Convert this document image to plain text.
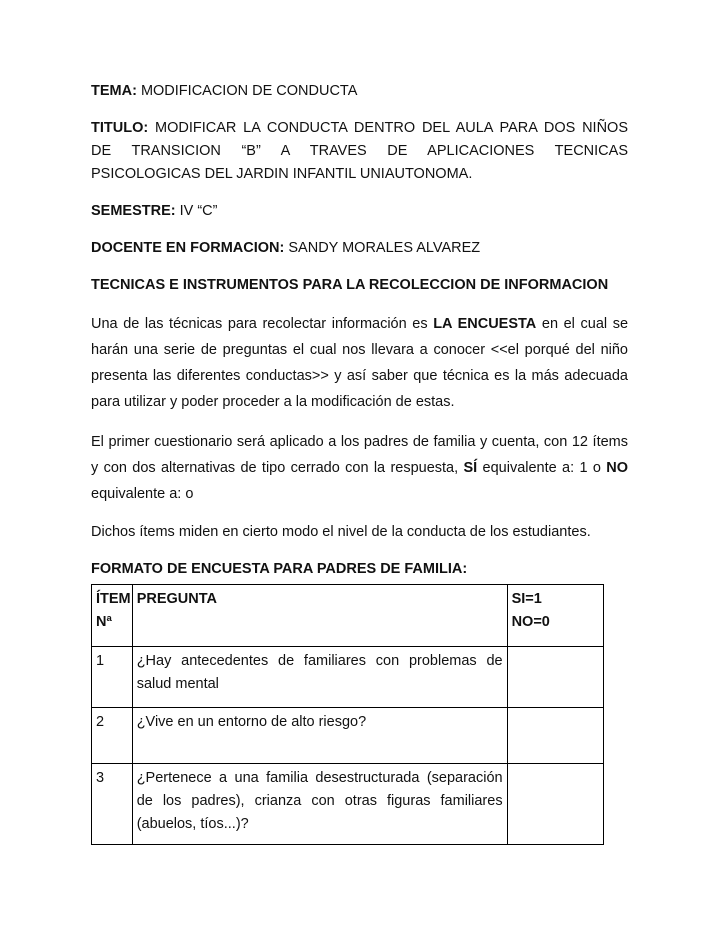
TEMA: MODIFICACION DE CONDUCTA

TITULO: MODIFICAR LA CONDUCTA DENTRO DEL AULA PARA DOS NIÑOS

DE TRANSICION “B” A TRAVES DE APLICACIONES TECNICAS

PSICOLOGICAS DEL JARDIN INFANTIL UNIAUTONOMA.

SEMESTRE: IV “C”

DOCENTE EN FORMACION: SANDY MORALES ALVAREZ

TECNICAS E INSTRUMENTOS PARA LA RECOLECCION DE INFORMACION

Una de las técnicas para recolectar información es LA ENCUESTA en el cual se harán una serie de preguntas el cual nos llevara a conocer <<el porqué del niño presenta las diferentes conductas>> y así saber que técnica es la más adecuada para utilizar y poder proceder a la modificación de estas.

El primer cuestionario será aplicado a los padres de familia y cuenta, con 12 ítems y con dos alternativas de tipo cerrado con la respuesta, SÍ equivalente a: 1 o NO equivalente a: o

Dichos ítems miden en cierto modo el nivel de la conducta de los estudiantes.

FORMATO DE ENCUESTA PARA PADRES DE FAMILIA:

ÍTEM
Nª	PREGUNTA	SI=1
NO=0
1	¿Hay antecedentes de familiares con problemas de salud mental	
2	¿Vive en un entorno de alto riesgo?	
3	¿Pertenece a una familia desestructurada (separación de los padres), crianza con otras figuras familiares (abuelos, tíos...)?	
